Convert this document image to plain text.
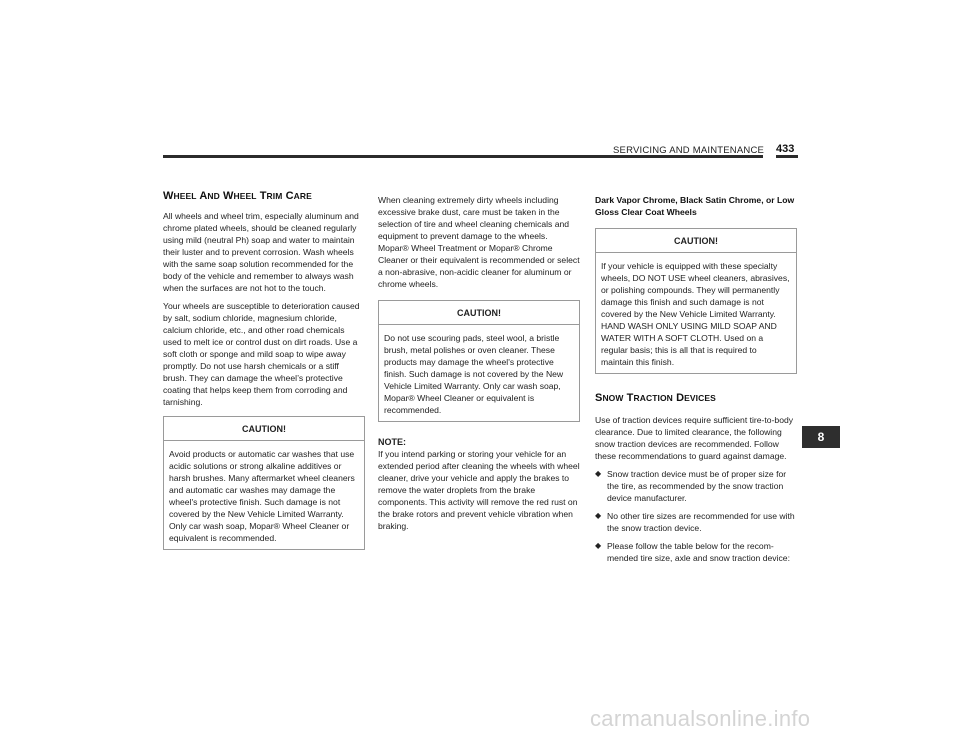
SERVICING AND MAINTENANCE 433
WHEEL AND WHEEL TRIM CARE

All wheels and wheel trim, especially aluminum and chrome plated wheels, should be cleaned regularly using mild (neutral Ph) soap and water to maintain their luster and to prevent corrosion. Wash wheels with the same soap solution recommended for the body of the vehicle and remember to always wash when the surfaces are not hot to the touch.

Your wheels are susceptible to deterioration caused by salt, sodium chloride, magnesium chloride, calcium chloride, etc., and other road chemicals used to melt ice or control dust on dirt roads. Use a soft cloth or sponge and mild soap to wipe away promptly. Do not use harsh chemicals or a stiff brush. They can damage the wheel’s protective coating that helps keep them from corroding and tarnishing.

CAUTION!
Avoid products or automatic car washes that use acidic solutions or strong alkaline additives or harsh brushes. Many aftermarket wheel cleaners and automatic car washes may damage the wheel's protective finish. Such damage is not covered by the New Vehicle Limited Warranty. Only car wash soap, Mopar® Wheel Cleaner or equivalent is recommended.

When cleaning extremely dirty wheels including excessive brake dust, care must be taken in the selection of tire and wheel cleaning chemicals and equipment to prevent damage to the wheels. Mopar® Wheel Treatment or Mopar® Chrome Cleaner or their equivalent is recommended or select a non-abrasive, non-acidic cleaner for aluminum or chrome wheels.

CAUTION!
Do not use scouring pads, steel wool, a bristle brush, metal polishes or oven cleaner. These products may damage the wheel's protective finish. Such damage is not covered by the New Vehicle Limited Warranty. Only car wash soap, Mopar® Wheel Cleaner or equivalent is recommended.
NOTE:

If you intend parking or storing your vehicle for an extended period after cleaning the wheels with wheel cleaner, drive your vehicle and apply the brakes to remove the water droplets from the brake components. This activity will remove the red rust on the brake rotors and prevent vehicle vibration when braking.

Dark Vapor Chrome, Black Satin Chrome, or Low Gloss Clear Coat Wheels
CAUTION!
If your vehicle is equipped with these specialty wheels, DO NOT USE wheel cleaners, abrasives, or polishing compounds. They will permanently damage this finish and such damage is not covered by the New Vehicle Limited Warranty. HAND WASH ONLY USING MILD SOAP AND WATER WITH A SOFT CLOTH. Used on a regular basis; this is all that is required to maintain this finish.
SNOW TRACTION DEVICES

Use of traction devices require sufficient tire-to-body clearance. Due to limited clearance, the following snow traction devices are recommended. Follow these recommendations to guard against damage.

◆ Snow traction device must be of proper size for the tire, as recommended by the snow traction device manufacturer.
◆ No other tire sizes are recommended for use with the snow traction device.
◆ Please follow the table below for the recom-mended tire size, axle and snow traction device:
8
carmanualsonline.info
